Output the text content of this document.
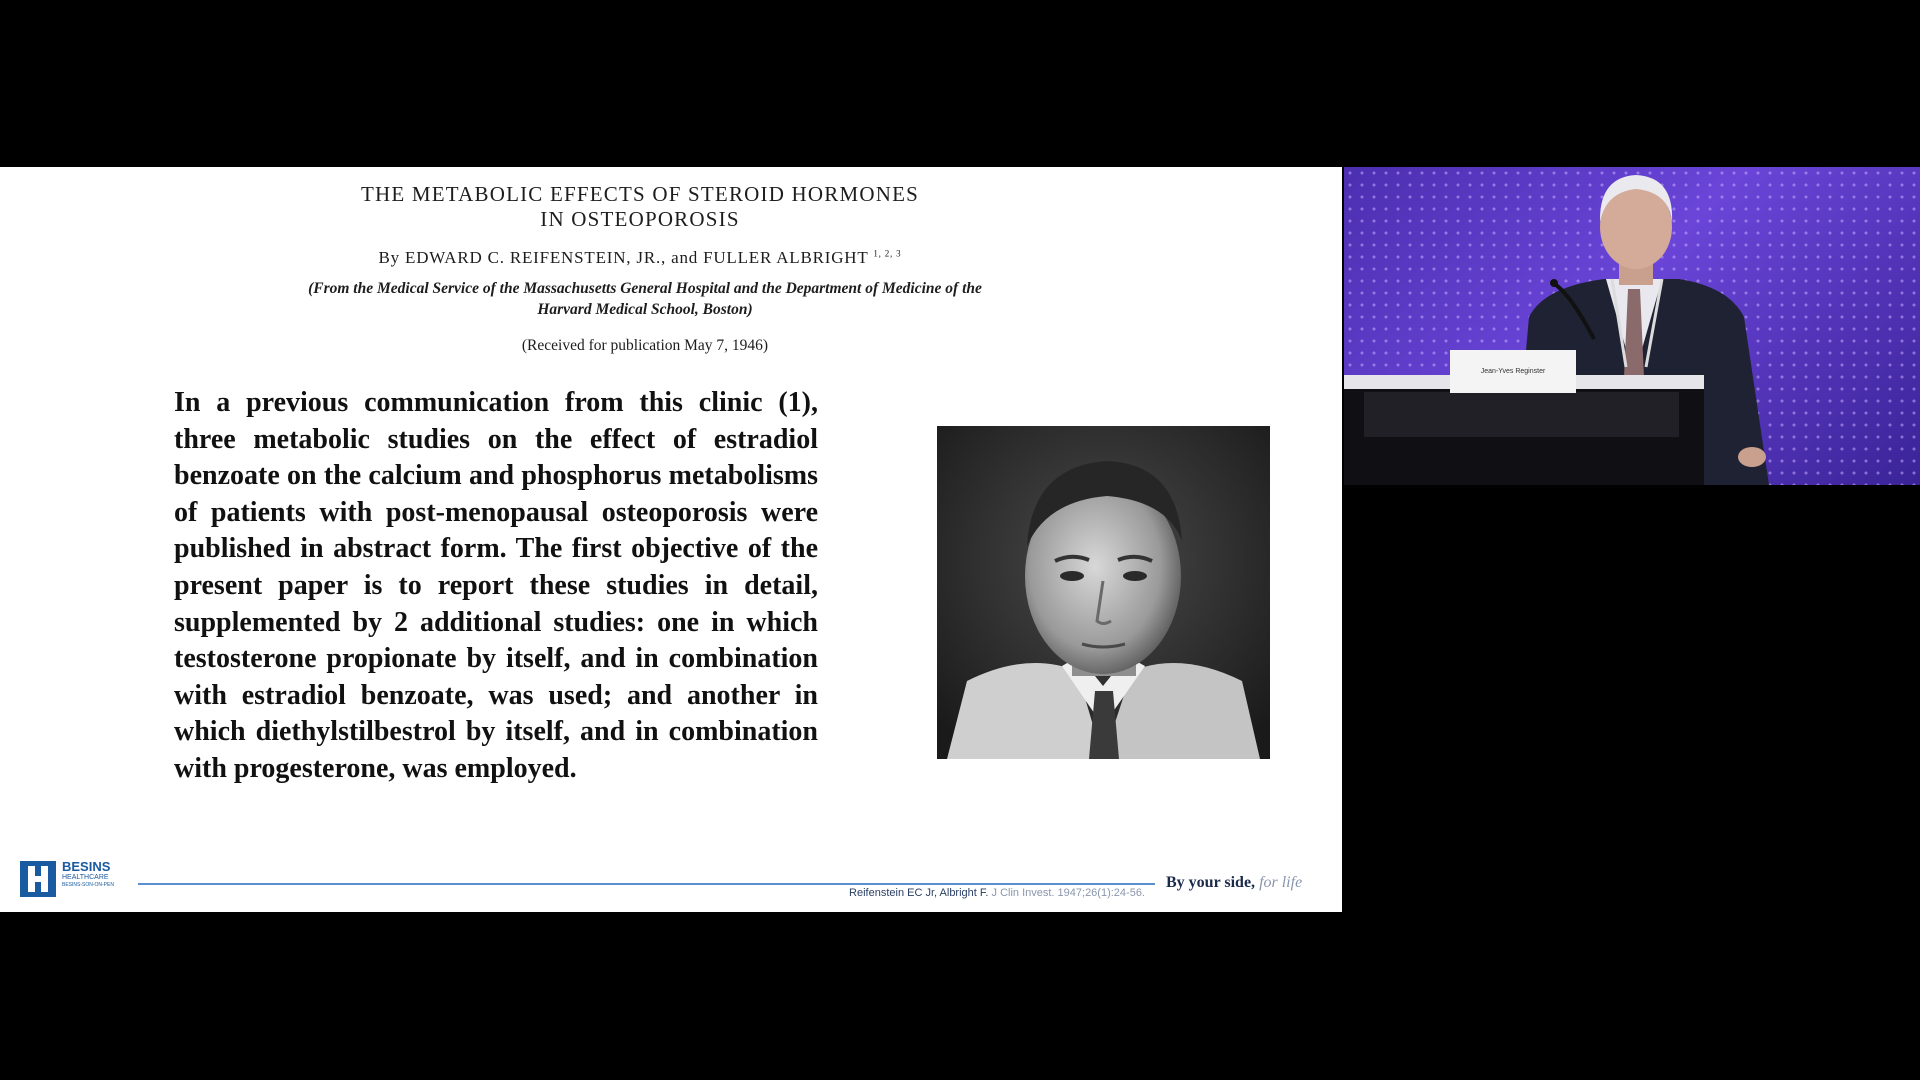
THE METABOLIC EFFECTS OF STEROID HORMONES
IN OSTEOPOROSIS
By EDWARD C. REIFENSTEIN, JR., and FULLER ALBRIGHT $^{1, 2, 3}$
(From the Medical Service of the Massachusetts General Hospital and the Department of Medicine of the Harvard Medical School, Boston)
(Received for publication May 7, 1946)
In a previous communication from this clinic (1), three metabolic studies on the effect of estradiol benzoate on the calcium and phosphorus metabolisms of patients with post-menopausal osteoporosis were published in abstract form. The first objective of the present paper is to report these studies in detail, supplemented by 2 additional studies: one in which testosterone propionate by itself, and in combination with estradiol benzoate, was used; and another in which diethylstilbestrol by itself, and in combination with progesterone, was employed.
BESINS
HEALTHCARE
BESINS-SON-ON-PEN
Reifenstein EC Jr, Albright F. J Clin Invest. 1947;26(1):24-56.
By your side, for life
Jean-Yves Reginster
